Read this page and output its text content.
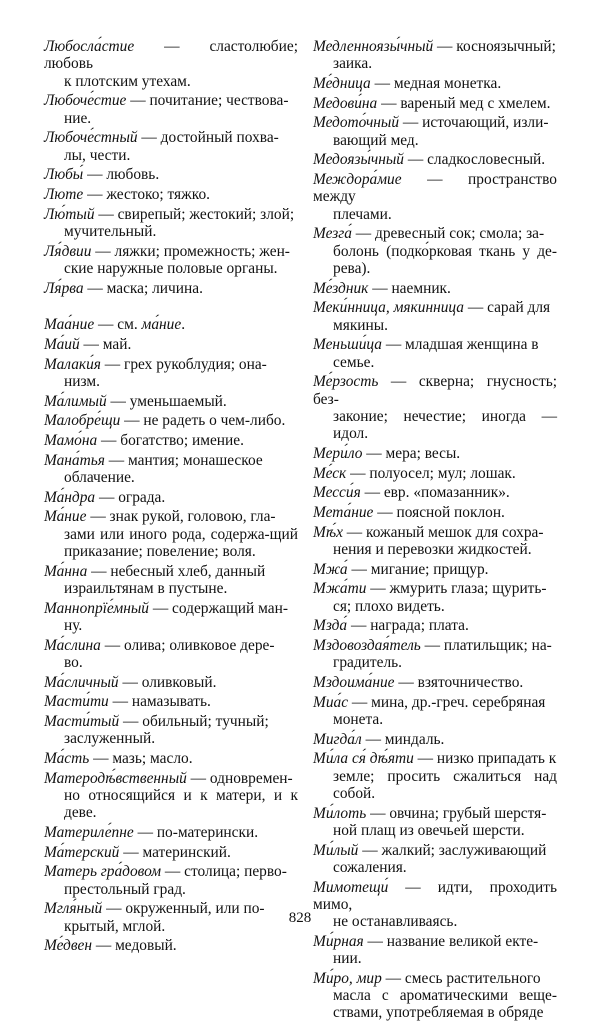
Любосла́стие — сластолюбие; любовь
к плотским утехам.
Любоче́стие — почитание; чествова-
ние.
Любоче́стный — достойный похва-
лы, чести.
Любы́ — любовь.
Люте — жестоко; тяжко.
Лю́тый — свирепый; жестокий; злой;
мучительный.
Ля́двии — ляжки; промежность; жен-
ские наружные половые органы.
Ля́рва — маска; личина.
Маа́ние — см. ма́ние.
Ма́ий — май.
Малаки́я — грех рукоблудия; она-
низм.
Ма́лимый — уменьшаемый.
Малобре́щи — не радеть о чем-либо.
Мамо́на — богатство; имение.
Мана́тья — мантия; монашеское
облачение.
Ма́ндра — ограда.
Ма́ние — знак рукой, головою, гла-
зами или иного рода, содержа-щий приказание; повеление; воля.
Ма́нна — небесный хлеб, данный
израильтянам в пустыне.
Маннопрïе́мный — содержащий ман-
ну.
Ма́слина — олива; оливковое дере-
во.
Ма́сличный — оливковый.
Масти́ти — намазывать.
Масти́тый — обильный; тучный;
заслуженный.
Ма́сть — мазь; масло.
Матеродѣ́вственный — одновремен-
но относящийся и к матери, и к деве.
Материле́пне — по-матерински.
Ма́терский — материнский.
Матерь гра́довом — столица; перво-
престольный град.
Мгля́ный — окруженный, или по-
крытый, мглой.
Ме́двен — медовый.
Медленноязы́чный — косноязычный;
заика.
Ме́дница — медная монетка.
Медови́на — вареный мед с хмелем.
Медото́чный — источающий, изли-
вающий мед.
Медоязы́чный — сладкословесный.
Междора́мие — пространство между
плечами.
Мезга́ — древесный сок; смола; за-
болонь (подко́рковая ткань у де-рева).
Ме́здник — наемник.
Меки́нница, мякинница — сарай для
мякины.
Меньши́ца — младшая женщина в
семье.
Ме́рзость — скверна; гнусность; без-
законие; нечестие; иногда — идол.
Мери́ло — мера; весы.
Ме́ск — полуосел; мул; лошак.
Месси́я — евр. «помазанник».
Мета́ние — поясной поклон.
Мѣ́х — кожаный мешок для сохра-
нения и перевозки жидкостей.
Мжа́ — мигание; прищур.
Мжа́ти — жмурить глаза; щурить-
ся; плохо видеть.
Мзда́ — награда; плата.
Мздовоздая́тель — платильщик; на-
градитель.
Мздоима́ние — взяточничество.
Миа́с — мина, др.-греч. серебряная
монета.
Мигда́л — миндаль.
Ми́ла ся́ дѣ́яти — низко припадать к
земле; просить сжалиться над собой.
Ми́лоть — овчина; грубый шерстя-
ной плащ из овечьей шерсти.
Ми́лый — жалкий; заслуживающий
сожаления.
Мимотещи́ — идти, проходить мимо,
не останавливаясь.
Ми́рная — название великой екте-
нии.
Ми́ро, мир — смесь растительного
масла с ароматическими веще-ствами, употребляемая в обряде
828
